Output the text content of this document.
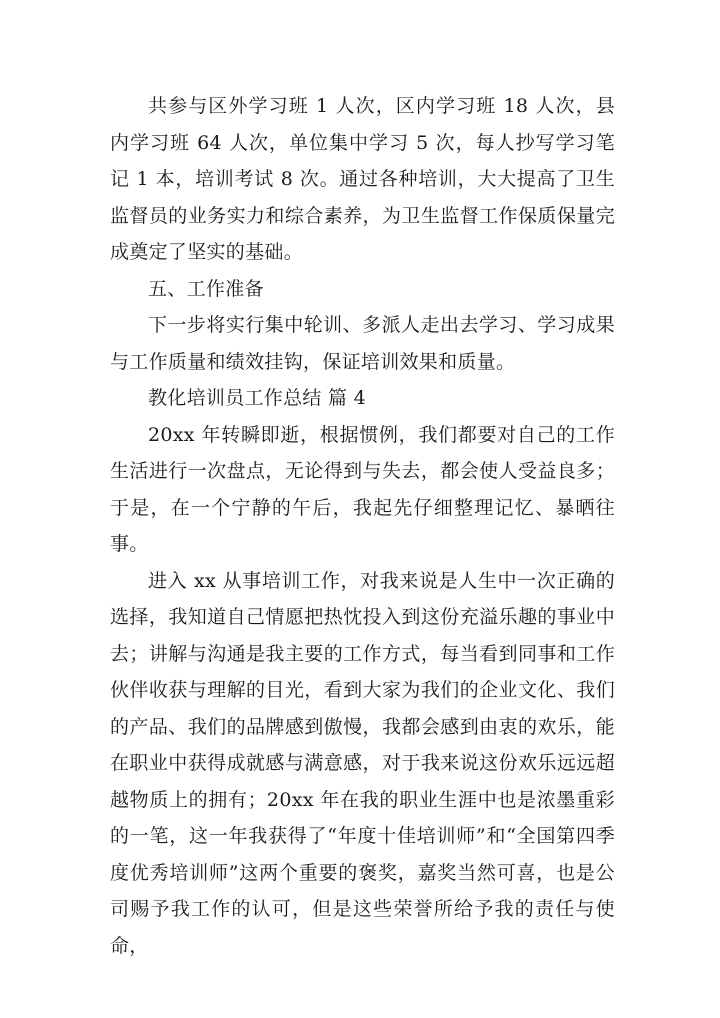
共参与区外学习班 1 人次，区内学习班 18 人次，县内学习班 64 人次，单位集中学习 5 次，每人抄写学习笔记 1 本，培训考试 8 次。通过各种培训，大大提高了卫生监督员的业务实力和综合素养，为卫生监督工作保质保量完成奠定了坚实的基础。

五、工作准备

下一步将实行集中轮训、多派人走出去学习、学习成果与工作质量和绩效挂钩，保证培训效果和质量。

教化培训员工作总结 篇 4

20xx 年转瞬即逝，根据惯例，我们都要对自己的工作生活进行一次盘点，无论得到与失去，都会使人受益良多；于是，在一个宁静的午后，我起先仔细整理记忆、暴晒往事。

进入 xx 从事培训工作，对我来说是人生中一次正确的选择，我知道自己情愿把热忱投入到这份充溢乐趣的事业中去；讲解与沟通是我主要的工作方式，每当看到同事和工作伙伴收获与理解的目光，看到大家为我们的企业文化、我们的产品、我们的品牌感到傲慢，我都会感到由衷的欢乐，能在职业中获得成就感与满意感，对于我来说这份欢乐远远超越物质上的拥有；20xx 年在我的职业生涯中也是浓墨重彩的一笔，这一年我获得了“年度十佳培训师”和“全国第四季度优秀培训师”这两个重要的褒奖，嘉奖当然可喜，也是公司赐予我工作的认可，但是这些荣誉所给予我的责任与使命，
